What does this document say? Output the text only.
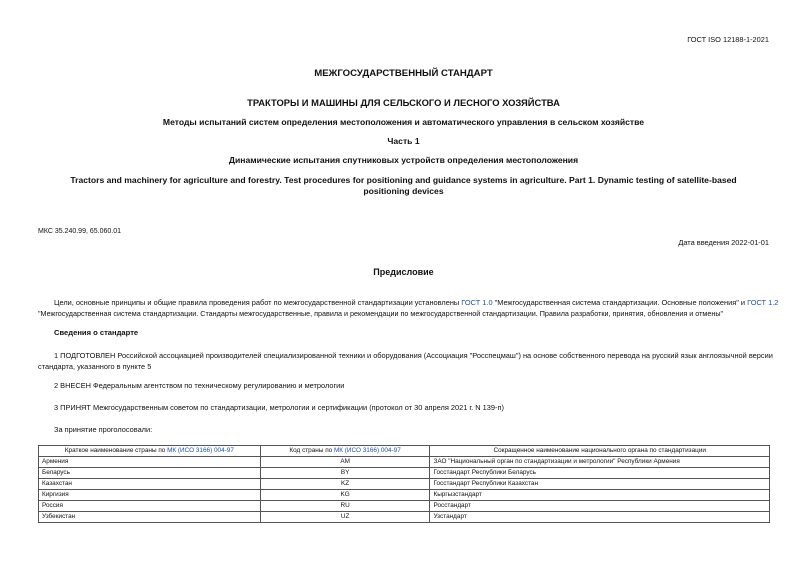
ГОСТ ISO 12188-1-2021
МЕЖГОСУДАРСТВЕННЫЙ СТАНДАРТ
ТРАКТОРЫ И МАШИНЫ ДЛЯ СЕЛЬСКОГО И ЛЕСНОГО ХОЗЯЙСТВА
Методы испытаний систем определения местоположения и автоматического управления в сельском хозяйстве
Часть 1
Динамические испытания спутниковых устройств определения местоположения
Tractors and machinery for agriculture and forestry. Test procedures for positioning and guidance systems in agriculture. Part 1. Dynamic testing of satellite-based
positioning devices
МКС 35.240.99, 65.060.01
Дата введения 2022-01-01
Предисловие
Цели, основные принципы и общие правила проведения работ по межгосударственной стандартизации установлены ГОСТ 1.0 "Межгосударственная система стандартизации. Основные положения" и ГОСТ 1.2
"Межгосударственная система стандартизации. Стандарты межгосударственные, правила и рекомендации по межгосударственной стандартизации. Правила разработки, принятия, обновления и отмены"
Сведения о стандарте
1 ПОДГОТОВЛЕН Российской ассоциацией производителей специализированной техники и оборудования (Ассоциация "Росспецмаш") на основе собственного перевода на русский язык англоязычной версии
стандарта, указанного в пункте 5
2 ВНЕСЕН Федеральным агентством по техническому регулированию и метрологии
3 ПРИНЯТ Межгосударственным советом по стандартизации, метрологии и сертификации (протокол от 30 апреля 2021 г. N 139-п)
За принятие проголосовали:
Краткое наименование страны по МК (ИСО 3166) 004-97	Код страны по МК (ИСО 3166) 004-97	Сокращенное наименование национального органа по стандартизации
Армения	AM	ЗАО "Национальный орган по стандартизации и метрологии" Республики Армения
Беларусь	BY	Госстандарт Республики Беларусь
Казахстан	KZ	Госстандарт Республики Казахстан
Киргизия	KG	Кыргызстандарт
Россия	RU	Росстандарт
Узбекистан	UZ	Узстандарт
